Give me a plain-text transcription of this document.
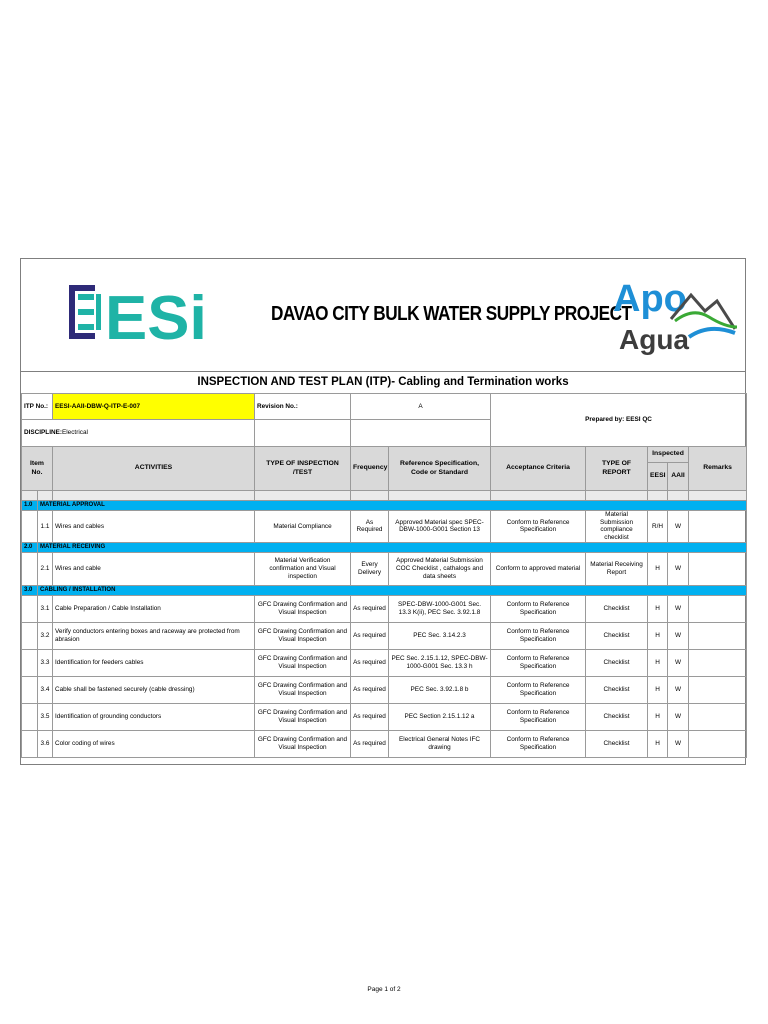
ESi	DAVAO CITY BULK WATER SUPPLY PROJECT
Apo
Agua
INSPECTION AND TEST PLAN (ITP)- Cabling and Termination works
ITP No.:		EESI-AAII-DBW-Q-ITP-E-007	Revision No.:	A		Prepared by: EESI QC				
DISCIPLINE:Electrical										
Item No.		ACTIVITIES	TYPE OF INSPECTION /TEST	Frequency	Reference Specification, Code or Standard	Acceptance Criteria	TYPE OF REPORT	Inspected		Remarks
								EESI	AAII	

1.0	MATERIAL APPROVAL									
	1.1	Wires and cables	Material Compliance	As Required	Approved Material spec SPEC-DBW-1000-G001 Section 13	Conform to Reference Specification	Material Submission compliance checklist	R/H	W	
2.0	MATERIAL RECEIVING									
	2.1	Wires and cable	Material Verification confirmation and Visual inspection	Every Delivery	Approved Material Submission COC Checklist , cathalogs and data sheets	Conform to approved material	Material Receiving Report	H	W	
3.0	CABLING / INSTALLATION									
	3.1	Cable Preparation / Cable Installation	GFC Drawing Confirmation and Visual Inspection	As required	SPEC-DBW-1000-G001 Sec. 13.3 K(ii), PEC Sec. 3.92.1.8	Conform to Reference Specification	Checklist	H	W	
	3.2	Verify conductors entering boxes and raceway are protected from abrasion	GFC Drawing Confirmation and Visual Inspection	As required	PEC Sec. 3.14.2.3	Conform to Reference Specification	Checklist	H	W	
	3.3	Identification for feeders cables	GFC Drawing Confirmation and Visual Inspection	As required	PEC Sec. 2.15.1.12, SPEC-DBW-1000-G001 Sec. 13.3 h	Conform to Reference Specification	Checklist	H	W	
	3.4	Cable shall be fastened securely (cable dressing)	GFC Drawing Confirmation and Visual Inspection	As required	PEC Sec. 3.92.1.8 b	Conform to Reference Specification	Checklist	H	W	
	3.5	Identification of grounding conductors	GFC Drawing Confirmation and Visual Inspection	As required	PEC Section 2.15.1.12 a	Conform to Reference Specification	Checklist	H	W	
	3.6	Color coding of wires	GFC Drawing Confirmation and Visual Inspection	As required	Electrical General Notes IFC drawing	Conform to Reference Specification	Checklist	H	W	
Page 1 of 2
